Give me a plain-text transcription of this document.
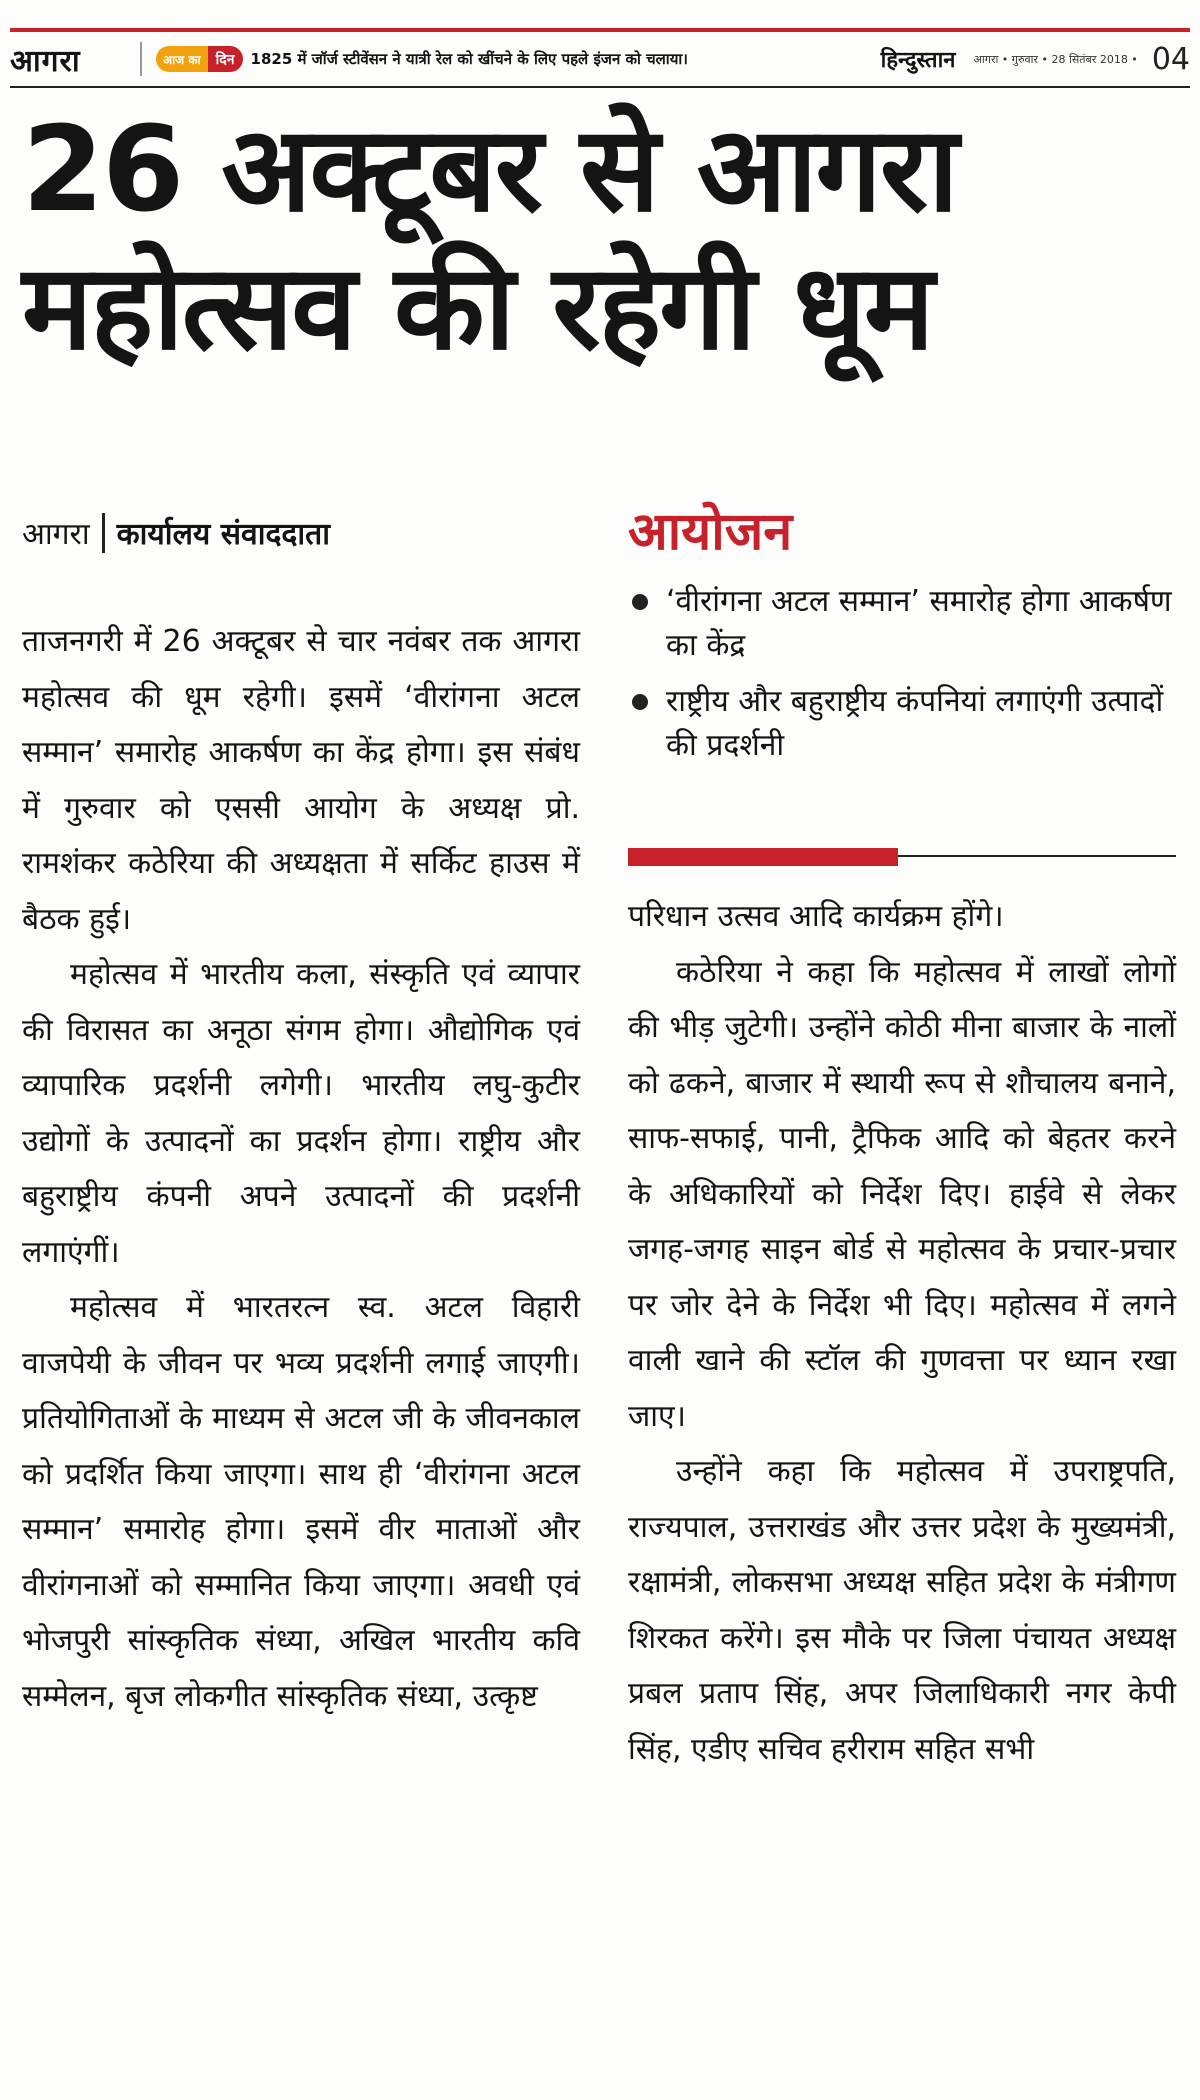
आगरा	आज का	दिन	1825 में जॉर्ज स्टीवेंसन ने यात्री रेल को खींचने के लिए पहले इंजन को चलाया।	हिन्दुस्तान आगरा • गुरुवार • 28 सितंबर 2018 • 04
26 अक्टूबर से आगरा
महोत्सव की रहेगी धूम
आगरा कार्यालय संवाददाता	आयोजन
‘वीरांगना अटल सम्मान’ समारोह होगा आकर्षण का केंद्र
राष्ट्रीय और बहुराष्ट्रीय कंपनियां लगाएंगी उत्पादों की प्रदर्शनी

ताजनगरी में 26 अक्टूबर से चार नवंबर तक आगरा महोत्सव की धूम रहेगी। इसमें ‘वीरांगना अटल सम्मान’ समारोह आकर्षण का केंद्र होगा। इस संबंध में गुरुवार को एससी आयोग के अध्यक्ष प्रो. रामशंकर कठेरिया की अध्यक्षता में सर्किट हाउस में बैठक हुई।

महोत्सव में भारतीय कला, संस्कृति एवं व्यापार की विरासत का अनूठा संगम होगा। औद्योगिक एवं व्यापारिक प्रदर्शनी लगेगी। भारतीय लघु-कुटीर उद्योगों के उत्पादनों का प्रदर्शन होगा। राष्ट्रीय और बहुराष्ट्रीय कंपनी अपने उत्पादनों की प्रदर्शनी लगाएंगीं।

महोत्सव में भारतरत्न स्व. अटल विहारी वाजपेयी के जीवन पर भव्य प्रदर्शनी लगाई जाएगी। प्रतियोगिताओं के माध्यम से अटल जी के जीवनकाल को प्रदर्शित किया जाएगा। साथ ही ‘वीरांगना अटल सम्मान’ समारोह होगा। इसमें वीर माताओं और वीरांगनाओं को सम्मानित किया जाएगा। अवधी एवं भोजपुरी सांस्कृतिक संध्या, अखिल भारतीय कवि सम्मेलन, बृज लोकगीत सांस्कृतिक संध्या, उत्कृष्ट

परिधान उत्सव आदि कार्यक्रम होंगे।

कठेरिया ने कहा कि महोत्सव में लाखों लोगों की भीड़ जुटेगी। उन्होंने कोठी मीना बाजार के नालों को ढकने, बाजार में स्थायी रूप से शौचालय बनाने, साफ-सफाई, पानी, ट्रैफिक आदि को बेहतर करने के अधिकारियों को निर्देश दिए। हाईवे से लेकर जगह-जगह साइन बोर्ड से महोत्सव के प्रचार-प्रचार पर जोर देने के निर्देश भी दिए। महोत्सव में लगने वाली खाने की स्टॉल की गुणवत्ता पर ध्यान रखा जाए।

उन्होंने कहा कि महोत्सव में उपराष्ट्रपति, राज्यपाल, उत्तराखंड और उत्तर प्रदेश के मुख्यमंत्री, रक्षामंत्री, लोकसभा अध्यक्ष सहित प्रदेश के मंत्रीगण शिरकत करेंगे। इस मौके पर जिला पंचायत अध्यक्ष प्रबल प्रताप सिंह, अपर जिलाधिकारी नगर केपी सिंह, एडीए सचिव हरीराम सहित सभी
